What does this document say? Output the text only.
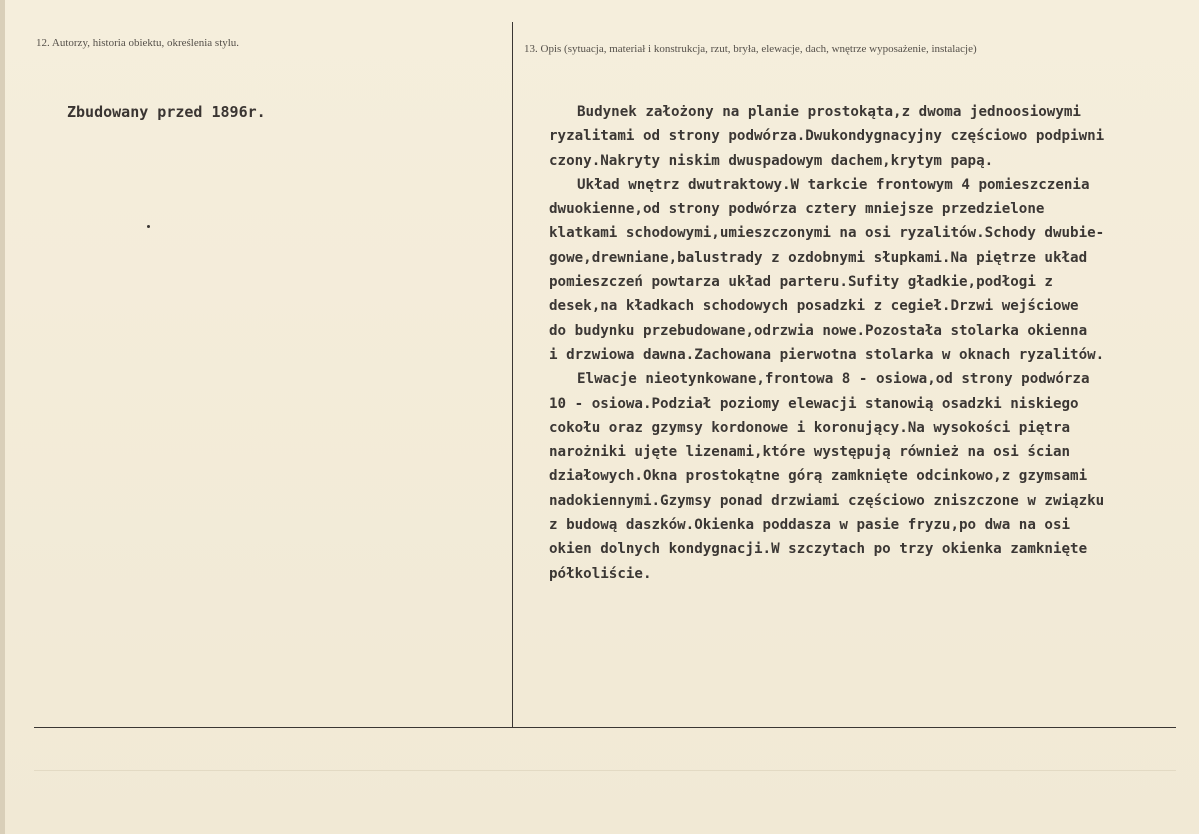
12. Autorzy, historia obiektu, określenia stylu.	13. Opis (sytuacja, materiał i konstrukcja, rzut, bryła, elewacje, dach, wnętrze wyposażenie, instalacje)
Zbudowany przed 1896r.	Budynek założony na planie prostokąta,z dwoma jednoosiowymi
ryzalitami od strony podwórza.Dwukondygnacyjny częściowo podpiwni
czony.Nakryty niskim dwuspadowym dachem,krytym papą.
Układ wnętrz dwutraktowy.W tarkcie frontowym 4 pomieszczenia
dwuokienne,od strony podwórza cztery mniejsze przedzielone
klatkami schodowymi,umieszczonymi na osi ryzalitów.Schody dwubie-
gowe,drewniane,balustrady z ozdobnymi słupkami.Na piętrze układ
pomieszczeń powtarza układ parteru.Sufity gładkie,podłogi z
desek,na kładkach schodowych posadzki z cegieł.Drzwi wejściowe
do budynku przebudowane,odrzwia nowe.Pozostała stolarka okienna
i drzwiowa dawna.Zachowana pierwotna stolarka w oknach ryzalitów.
Elwacje nieotynkowane,frontowa 8 - osiowa,od strony podwórza
10 - osiowa.Podział poziomy elewacji stanowią osadzki niskiego
cokołu oraz gzymsy kordonowe i koronujący.Na wysokości piętra
narożniki ujęte lizenami,które występują również na osi ścian
działowych.Okna prostokątne górą zamknięte odcinkowo,z gzymsami
nadokiennymi.Gzymsy ponad drzwiami częściowo zniszczone w związku
z budową daszków.Okienka poddasza w pasie fryzu,po dwa na osi
okien dolnych kondygnacji.W szczytach po trzy okienka zamknięte
półkoliście.
